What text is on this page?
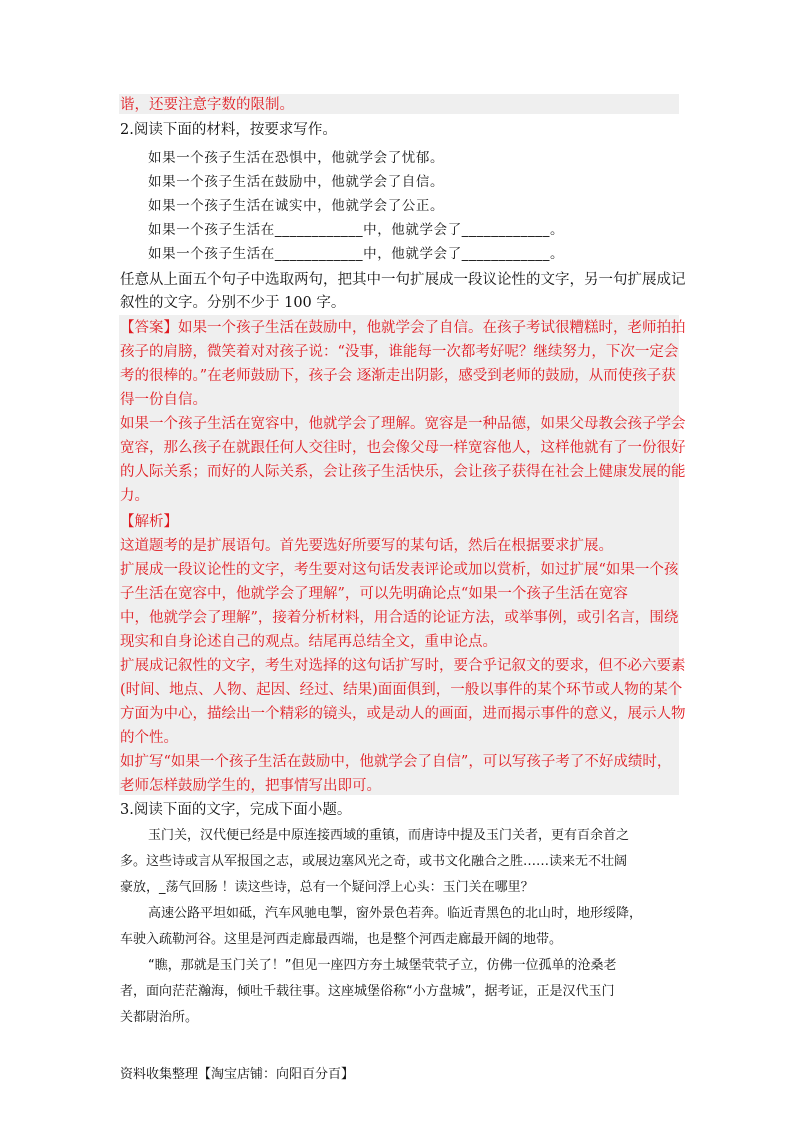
谐，还要注意字数的限制。
2.阅读下面的材料，按要求写作。
如果一个孩子生活在恐惧中，他就学会了忧郁。
如果一个孩子生活在鼓励中，他就学会了自信。
如果一个孩子生活在诚实中，他就学会了公正。
如果一个孩子生活在____________中，他就学会了____________。
如果一个孩子生活在____________中，他就学会了____________。
任意从上面五个句子中选取两句，把其中一句扩展成一段议论性的文字，另一句扩展成记
叙性的文字。分别不少于 100 字。
【答案】如果一个孩子生活在鼓励中，他就学会了自信。在孩子考试很糟糕时，老师拍拍
孩子的肩膀，微笑着对对孩子说：“没事，谁能每一次都考好呢？继续努力，下次一定会
考的很棒的。”在老师鼓励下，孩子会 逐渐走出阴影，感受到老师的鼓励，从而使孩子获
得一份自信。
如果一个孩子生活在宽容中，他就学会了理解。宽容是一种品德，如果父母教会孩子学会
宽容，那么孩子在就跟任何人交往时，也会像父母一样宽容他人，这样他就有了一份很好
的人际关系；而好的人际关系，会让孩子生活快乐，会让孩子获得在社会上健康发展的能
力。
【解析】
这道题考的是扩展语句。首先要选好所要写的某句话，然后在根据要求扩展。
扩展成一段议论性的文字，考生要对这句话发表评论或加以赏析，如过扩展“如果一个孩
子生活在宽容中，他就学会了理解”，可以先明确论点“如果一个孩子生活在宽容
中，他就学会了理解”，接着分析材料，用合适的论证方法，或举事例，或引名言，围绕
现实和自身论述自己的观点。结尾再总结全文，重申论点。
扩展成记叙性的文字，考生对选择的这句话扩写时，要合乎记叙文的要求，但不必六要素
(时间、地点、人物、起因、经过、结果)面面俱到，一般以事件的某个环节或人物的某个
方面为中心，描绘出一个精彩的镜头，或是动人的画面，进而揭示事件的意义，展示人物
的个性。
如扩写“如果一个孩子生活在鼓励中，他就学会了自信”，可以写孩子考了不好成绩时，
老师怎样鼓励学生的，把事情写出即可。
3.阅读下面的文字，完成下面小题。
玉门关，汉代便已经是中原连接西域的重镇，而唐诗中提及玉门关者，更有百余首之
多。这些诗或言从军报国之志，或展边塞风光之奇，或书文化融合之胜……读来无不壮阔
豪放，_荡气回肠 ！读这些诗，总有一个疑问浮上心头：玉门关在哪里？
高速公路平坦如砥，汽车风驰电掣，窗外景色若奔。临近青黑色的北山时，地形绥降，
车驶入疏勒河谷。这里是河西走廊最西端，也是整个河西走廊最开阔的地带。
“瞧，那就是玉门关了！”但见一座四方夯土城堡茕茕孑立，仿佛一位孤单的沧桑老
者，面向茫茫瀚海，倾吐千载往事。这座城堡俗称“小方盘城”，据考证，正是汉代玉门
关都尉治所。
资料收集整理【淘宝店铺：向阳百分百】
